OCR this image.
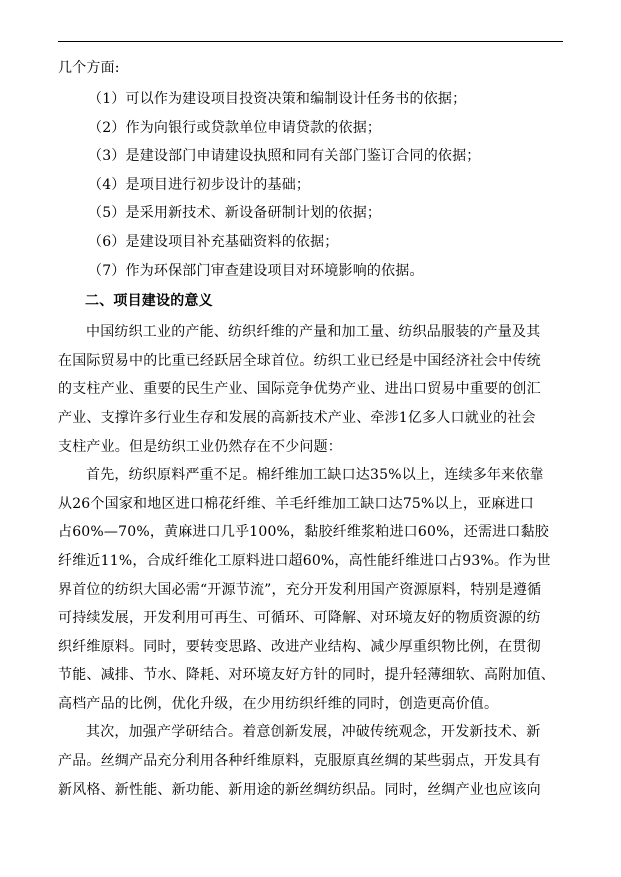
几个方面:
（1）可以作为建设项目投资决策和编制设计任务书的依据；
（2）作为向银行或贷款单位申请贷款的依据；
（3）是建设部门申请建设执照和同有关部门鉴订合同的依据；
（4）是项目进行初步设计的基础；
（5）是采用新技术、新设备研制计划的依据；
（6）是建设项目补充基础资料的依据；
（7）作为环保部门审查建设项目对环境影响的依据。
二、项目建设的意义
中国纺织工业的产能、纺织纤维的产量和加工量、纺织品服装的产量及其
在国际贸易中的比重已经跃居全球首位。纺织工业已经是中国经济社会中传统
的支柱产业、重要的民生产业、国际竞争优势产业、进出口贸易中重要的创汇
产业、支撑许多行业生存和发展的高新技术产业、牵涉1亿多人口就业的社会
支柱产业。但是纺织工业仍然存在不少问题：
首先，纺织原料严重不足。棉纤维加工缺口达35%以上，连续多年来依靠
从26个国家和地区进口棉花纤维、羊毛纤维加工缺口达75%以上，亚麻进口
占60%—70%，黄麻进口几乎100%，黏胶纤维浆粕进口60%，还需进口黏胶
纤维近11%，合成纤维化工原料进口超60%，高性能纤维进口占93%。作为世
界首位的纺织大国必需“开源节流”，充分开发利用国产资源原料，特别是遵循
可持续发展，开发利用可再生、可循环、可降解、对环境友好的物质资源的纺
织纤维原料。同时，要转变思路、改进产业结构、减少厚重织物比例，在贯彻
节能、减排、节水、降耗、对环境友好方针的同时，提升轻薄细软、高附加值、
高档产品的比例，优化升级，在少用纺织纤维的同时，创造更高价值。
其次，加强产学研结合。着意创新发展，冲破传统观念，开发新技术、新
产品。丝绸产品充分利用各种纤维原料，克服原真丝绸的某些弱点，开发具有
新风格、新性能、新功能、新用途的新丝绸纺织品。同时，丝绸产业也应该向
